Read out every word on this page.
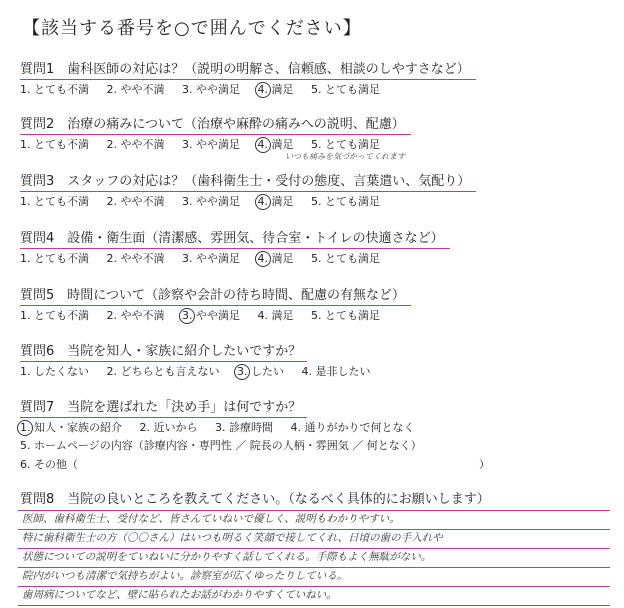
【該当する番号を○で囲んでください】
質問1　歯科医師の対応は？（説明の明解さ、信頼感、相談のしやすさなど）
1. とても不満 2. やや不満 3. やや満足 4. 満足 5. とても満足
質問2　治療の痛みについて（治療や麻酔の痛みへの説明、配慮）
1. とても不満 2. やや不満 3. やや満足 4. 満足 5. とても満足
いつも痛みを気づかってくれます
質問3　スタッフの対応は？（歯科衛生士・受付の態度、言葉遣い、気配り）
1. とても不満 2. やや不満 3. やや満足 4. 満足 5. とても満足
質問4　設備・衛生面（清潔感、雰囲気、待合室・トイレの快適さなど）
1. とても不満 2. やや不満 3. やや満足 4. 満足 5. とても満足
質問5　時間について（診察や会計の待ち時間、配慮の有無など）
1. とても不満 2. やや不満 3. やや満足 4. 満足 5. とても満足
質問6　当院を知人・家族に紹介したいですか？
1. したくない 2. どちらとも言えない 3. したい 4. 是非したい
質問7　当院を選ばれた「決め手」は何ですか？
1. 知人・家族の紹介 2. 近いから 3. 診療時間 4. 通りがかりで何となく
5. ホームページの内容（診療内容・専門性 ／ 院長の人柄・雰囲気 ／ 何となく）
6. その他（	）
質問8　当院の良いところを教えてください。（なるべく具体的にお願いします）
医師、歯科衛生士、受付など、皆さんていねいで優しく、説明もわかりやすい。
特に歯科衛生士の方（〇〇さん）はいつも明るく笑顔で接してくれ、日頃の歯の手入れや
状態についての説明をていねいに分かりやすく話してくれる。手際もよく無駄がない。
院内がいつも清潔で気持ちがよい。診察室が広くゆったりしている。
歯周病についてなど、壁に貼られたお話がわかりやすくていねい。
